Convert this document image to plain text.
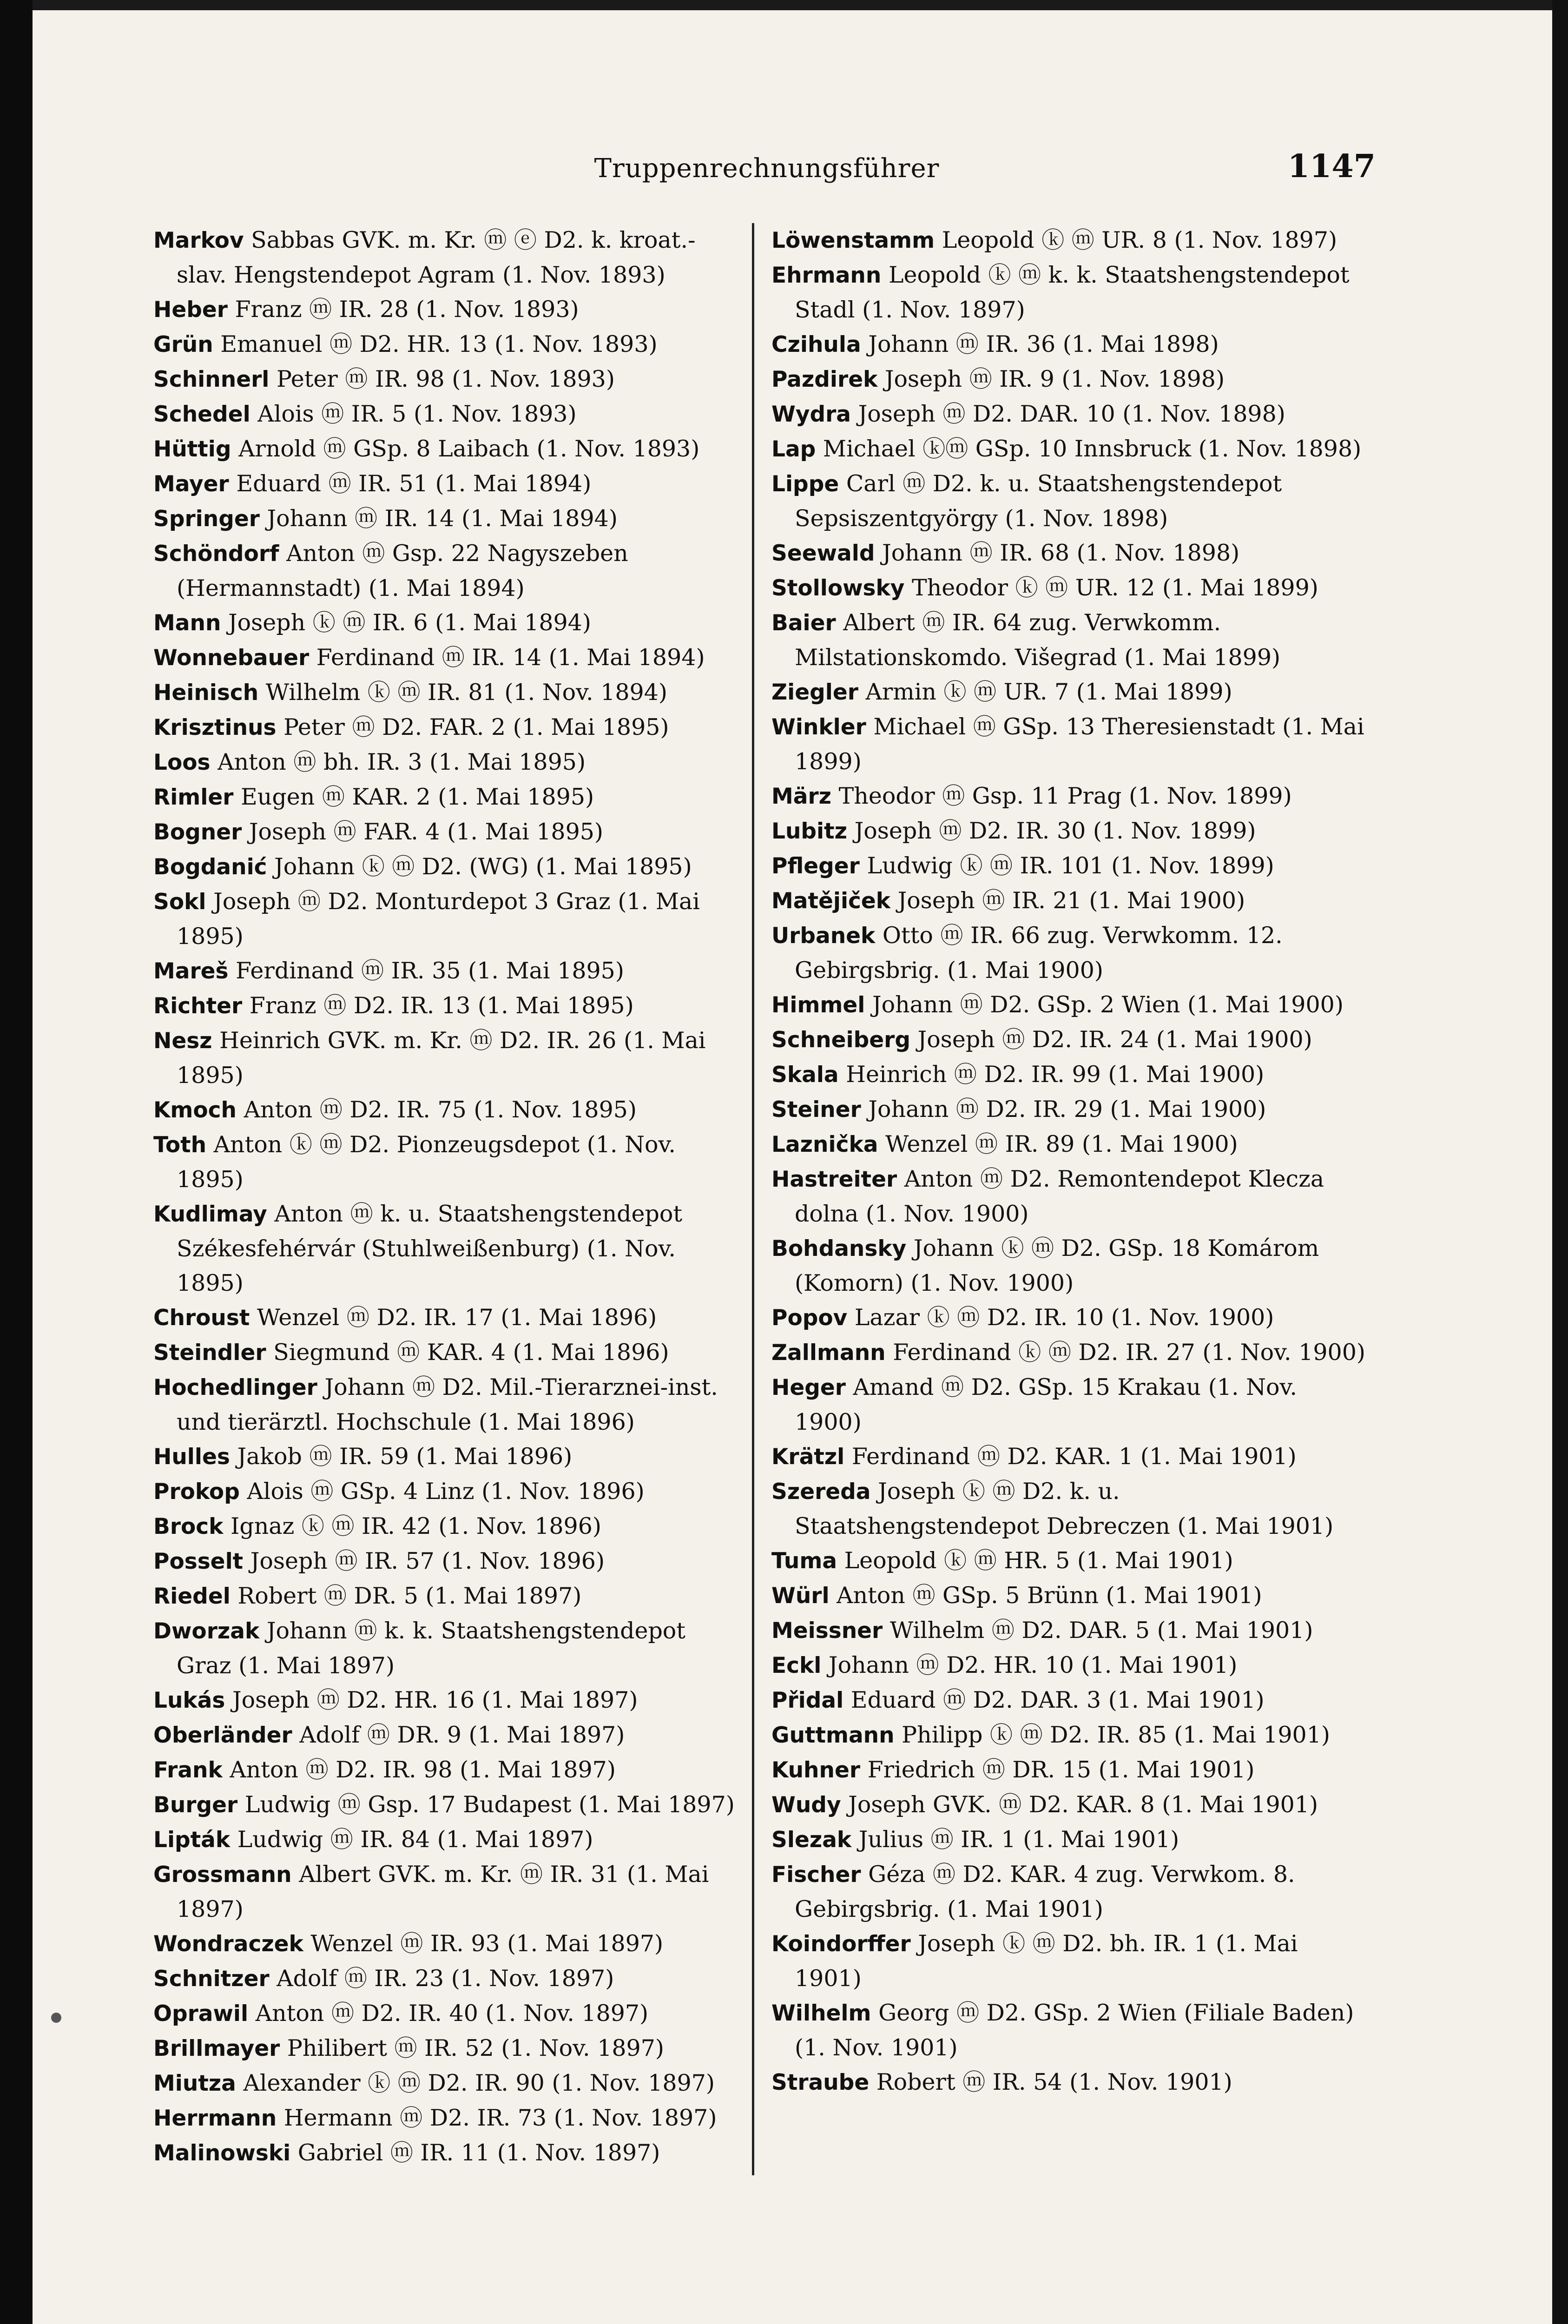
Truppenrechnungsführer	1147
Markov Sabbas GVK. m. Kr. ⓜ ⓔ D2. k. kroat.-slav. Hengstendepot Agram (1. Nov. 1893)
Heber Franz ⓜ IR. 28 (1. Nov. 1893)
Grün Emanuel ⓜ D2. HR. 13 (1. Nov. 1893)
Schinnerl Peter ⓜ IR. 98 (1. Nov. 1893)
Schedel Alois ⓜ IR. 5 (1. Nov. 1893)
Hüttig Arnold ⓜ GSp. 8 Laibach (1. Nov. 1893)
Mayer Eduard ⓜ IR. 51 (1. Mai 1894)
Springer Johann ⓜ IR. 14 (1. Mai 1894)
Schöndorf Anton ⓜ Gsp. 22 Nagyszeben (Hermannstadt) (1. Mai 1894)
Mann Joseph ⓚ ⓜ IR. 6 (1. Mai 1894)
Wonnebauer Ferdinand ⓜ IR. 14 (1. Mai 1894)
Heinisch Wilhelm ⓚ ⓜ IR. 81 (1. Nov. 1894)
Krisztinus Peter ⓜ D2. FAR. 2 (1. Mai 1895)
Loos Anton ⓜ bh. IR. 3 (1. Mai 1895)
Rimler Eugen ⓜ KAR. 2 (1. Mai 1895)
Bogner Joseph ⓜ FAR. 4 (1. Mai 1895)
Bogdanić Johann ⓚ ⓜ D2. (WG) (1. Mai 1895)
Sokl Joseph ⓜ D2. Monturdepot 3 Graz (1. Mai 1895)
Mareš Ferdinand ⓜ IR. 35 (1. Mai 1895)
Richter Franz ⓜ D2. IR. 13 (1. Mai 1895)
Nesz Heinrich GVK. m. Kr. ⓜ D2. IR. 26 (1. Mai 1895)
Kmoch Anton ⓜ D2. IR. 75 (1. Nov. 1895)
Toth Anton ⓚ ⓜ D2. Pionzeugsdepot (1. Nov. 1895)
Kudlimay Anton ⓜ k. u. Staatshengstendepot Székesfehérvár (Stuhlweißenburg) (1. Nov. 1895)
Chroust Wenzel ⓜ D2. IR. 17 (1. Mai 1896)
Steindler Siegmund ⓜ KAR. 4 (1. Mai 1896)
Hochedlinger Johann ⓜ D2. Mil.-Tierarznei-inst. und tierärztl. Hochschule (1. Mai 1896)
Hulles Jakob ⓜ IR. 59 (1. Mai 1896)
Prokop Alois ⓜ GSp. 4 Linz (1. Nov. 1896)
Brock Ignaz ⓚ ⓜ IR. 42 (1. Nov. 1896)
Posselt Joseph ⓜ IR. 57 (1. Nov. 1896)
Riedel Robert ⓜ DR. 5 (1. Mai 1897)
Dworzak Johann ⓜ k. k. Staatshengstendepot Graz (1. Mai 1897)
Lukás Joseph ⓜ D2. HR. 16 (1. Mai 1897)
Oberländer Adolf ⓜ DR. 9 (1. Mai 1897)
Frank Anton ⓜ D2. IR. 98 (1. Mai 1897)
Burger Ludwig ⓜ Gsp. 17 Budapest (1. Mai 1897)
Lipták Ludwig ⓜ IR. 84 (1. Mai 1897)
Grossmann Albert GVK. m. Kr. ⓜ IR. 31 (1. Mai 1897)
Wondraczek Wenzel ⓜ IR. 93 (1. Mai 1897)
Schnitzer Adolf ⓜ IR. 23 (1. Nov. 1897)
Oprawil Anton ⓜ D2. IR. 40 (1. Nov. 1897)
Brillmayer Philibert ⓜ IR. 52 (1. Nov. 1897)
Miutza Alexander ⓚ ⓜ D2. IR. 90 (1. Nov. 1897)
Herrmann Hermann ⓜ D2. IR. 73 (1. Nov. 1897)
Malinowski Gabriel ⓜ IR. 11 (1. Nov. 1897)
Löwenstamm Leopold ⓚ ⓜ UR. 8 (1. Nov. 1897)
Ehrmann Leopold ⓚ ⓜ k. k. Staatshengstendepot Stadl (1. Nov. 1897)
Czihula Johann ⓜ IR. 36 (1. Mai 1898)
Pazdirek Joseph ⓜ IR. 9 (1. Nov. 1898)
Wydra Joseph ⓜ D2. DAR. 10 (1. Nov. 1898)
Lap Michael ⓚⓜ GSp. 10 Innsbruck (1. Nov. 1898)
Lippe Carl ⓜ D2. k. u. Staatshengstendepot Sepsiszentgyörgy (1. Nov. 1898)
Seewald Johann ⓜ IR. 68 (1. Nov. 1898)
Stollowsky Theodor ⓚ ⓜ UR. 12 (1. Mai 1899)
Baier Albert ⓜ IR. 64 zug. Verwkomm. Milstationskomdo. Višegrad (1. Mai 1899)
Ziegler Armin ⓚ ⓜ UR. 7 (1. Mai 1899)
Winkler Michael ⓜ GSp. 13 Theresienstadt (1. Mai 1899)
März Theodor ⓜ Gsp. 11 Prag (1. Nov. 1899)
Lubitz Joseph ⓜ D2. IR. 30 (1. Nov. 1899)
Pfleger Ludwig ⓚ ⓜ IR. 101 (1. Nov. 1899)
Matějiček Joseph ⓜ IR. 21 (1. Mai 1900)
Urbanek Otto ⓜ IR. 66 zug. Verwkomm. 12. Gebirgsbrig. (1. Mai 1900)
Himmel Johann ⓜ D2. GSp. 2 Wien (1. Mai 1900)
Schneiberg Joseph ⓜ D2. IR. 24 (1. Mai 1900)
Skala Heinrich ⓜ D2. IR. 99 (1. Mai 1900)
Steiner Johann ⓜ D2. IR. 29 (1. Mai 1900)
Laznička Wenzel ⓜ IR. 89 (1. Mai 1900)
Hastreiter Anton ⓜ D2. Remontendepot Klecza dolna (1. Nov. 1900)
Bohdansky Johann ⓚ ⓜ D2. GSp. 18 Komárom (Komorn) (1. Nov. 1900)
Popov Lazar ⓚ ⓜ D2. IR. 10 (1. Nov. 1900)
Zallmann Ferdinand ⓚ ⓜ D2. IR. 27 (1. Nov. 1900)
Heger Amand ⓜ D2. GSp. 15 Krakau (1. Nov. 1900)
Krätzl Ferdinand ⓜ D2. KAR. 1 (1. Mai 1901)
Szereda Joseph ⓚ ⓜ D2. k. u. Staatshengstendepot Debreczen (1. Mai 1901)
Tuma Leopold ⓚ ⓜ HR. 5 (1. Mai 1901)
Würl Anton ⓜ GSp. 5 Brünn (1. Mai 1901)
Meissner Wilhelm ⓜ D2. DAR. 5 (1. Mai 1901)
Eckl Johann ⓜ D2. HR. 10 (1. Mai 1901)
Přidal Eduard ⓜ D2. DAR. 3 (1. Mai 1901)
Guttmann Philipp ⓚ ⓜ D2. IR. 85 (1. Mai 1901)
Kuhner Friedrich ⓜ DR. 15 (1. Mai 1901)
Wudy Joseph GVK. ⓜ D2. KAR. 8 (1. Mai 1901)
Slezak Julius ⓜ IR. 1 (1. Mai 1901)
Fischer Géza ⓜ D2. KAR. 4 zug. Verwkom. 8. Gebirgsbrig. (1. Mai 1901)
Koindorffer Joseph ⓚ ⓜ D2. bh. IR. 1 (1. Mai 1901)
Wilhelm Georg ⓜ D2. GSp. 2 Wien (Filiale Baden) (1. Nov. 1901)
Straube Robert ⓜ IR. 54 (1. Nov. 1901)
